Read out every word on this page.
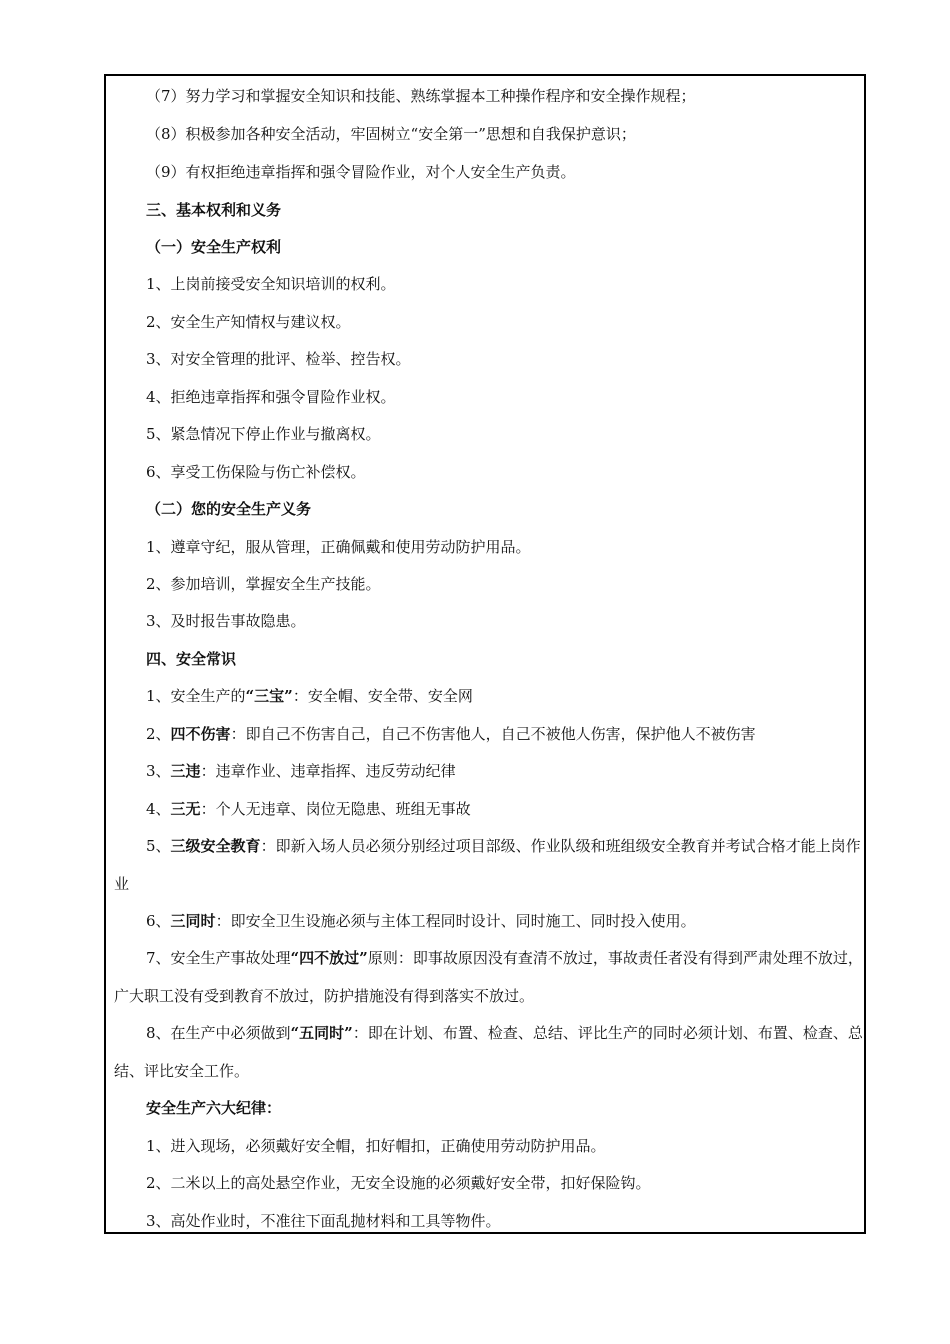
（7）努力学习和掌握安全知识和技能、熟练掌握本工种操作程序和安全操作规程；
（8）积极参加各种安全活动，牢固树立“安全第一”思想和自我保护意识；
（9）有权拒绝违章指挥和强令冒险作业，对个人安全生产负责。
三、基本权利和义务
（一）安全生产权利
1、上岗前接受安全知识培训的权利。
2、安全生产知情权与建议权。
3、对安全管理的批评、检举、控告权。
4、拒绝违章指挥和强令冒险作业权。
5、紧急情况下停止作业与撤离权。
6、享受工伤保险与伤亡补偿权。
（二）您的安全生产义务
1、遵章守纪，服从管理，正确佩戴和使用劳动防护用品。
2、参加培训，掌握安全生产技能。
3、及时报告事故隐患。
四、安全常识
1、安全生产的“三宝”：安全帽、安全带、安全网
2、四不伤害：即自己不伤害自己，自己不伤害他人，自己不被他人伤害，保护他人不被伤害
3、三违：违章作业、违章指挥、违反劳动纪律
4、三无：个人无违章、岗位无隐患、班组无事故
5、三级安全教育：即新入场人员必须分别经过项目部级、作业队级和班组级安全教育并考试合格才能上岗作业
6、三同时：即安全卫生设施必须与主体工程同时设计、同时施工、同时投入使用。
7、安全生产事故处理“四不放过”原则：即事故原因没有查清不放过，事故责任者没有得到严肃处理不放过，广大职工没有受到教育不放过，防护措施没有得到落实不放过。
8、在生产中必须做到“五同时”：即在计划、布置、检查、总结、评比生产的同时必须计划、布置、检查、总结、评比安全工作。
安全生产六大纪律：
1、进入现场，必须戴好安全帽，扣好帽扣，正确使用劳动防护用品。
2、二米以上的高处悬空作业，无安全设施的必须戴好安全带，扣好保险钩。
3、高处作业时，不准往下面乱抛材料和工具等物件。
